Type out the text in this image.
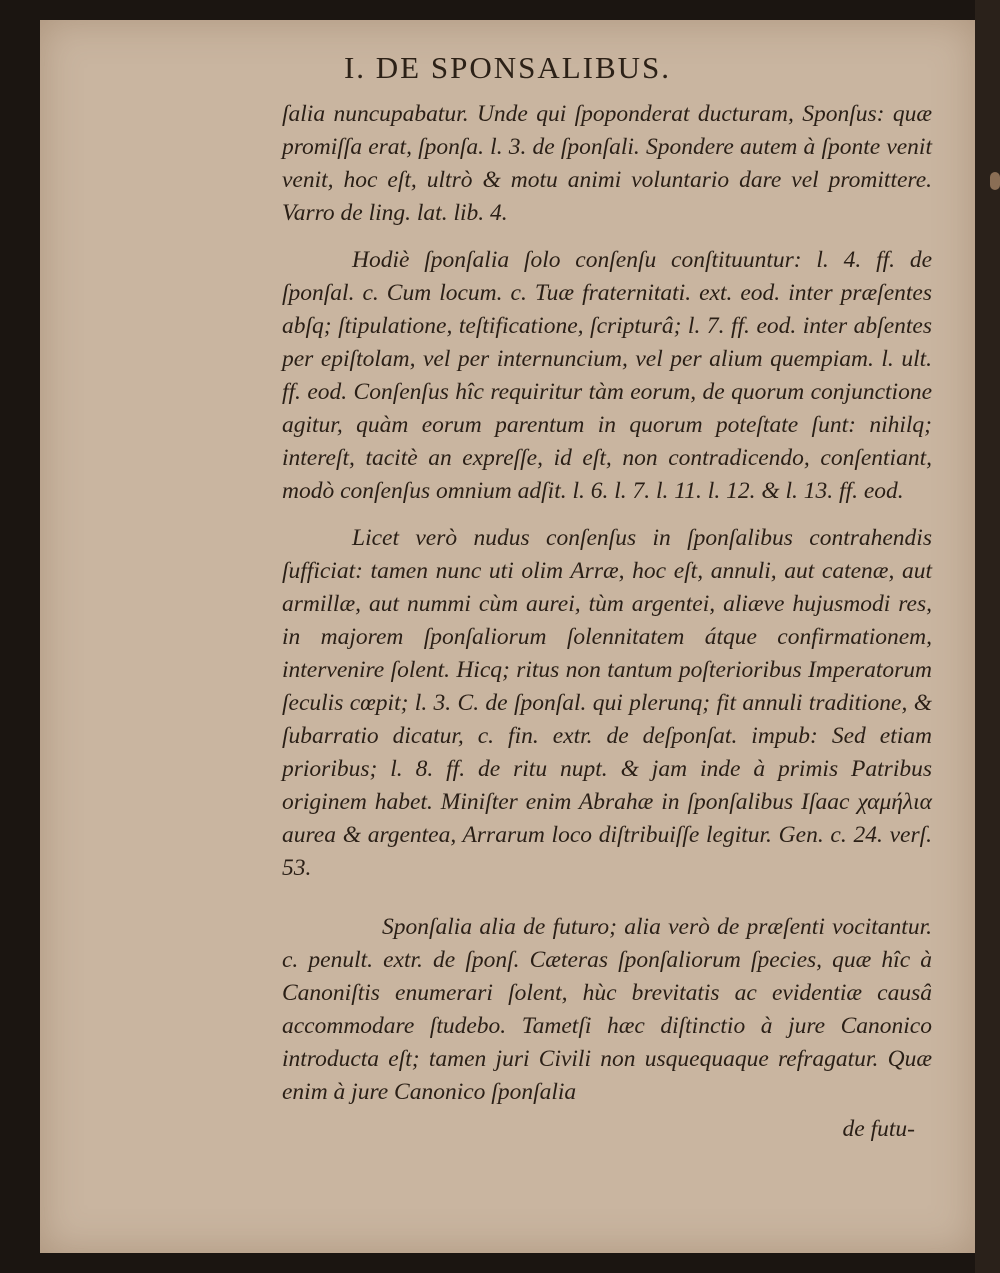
I. DE SPONSALIBUS.

ſalia nuncupabatur. Unde qui ſpoponderat ducturam, Sponſus: quæ promiſſa erat, ſponſa. l. 3. de ſponſali. Spondere autem à ſponte venit venit, hoc eſt, ultrò & motu animi voluntario dare vel promittere. Varro de ling. lat. lib. 4.

Hodiè ſponſalia ſolo conſenſu conſtituuntur: l. 4. ff. de ſponſal. c. Cum locum. c. Tuæ fraternitati. ext. eod. inter præſentes abſq; ſtipulatione, teſtificatione, ſcripturâ; l. 7. ff. eod. inter abſentes per epiſtolam, vel per internuncium, vel per alium quempiam. l. ult. ff. eod. Conſenſus hîc requiritur tàm eorum, de quorum conjunctione agitur, quàm eorum parentum in quorum poteſtate ſunt: nihilq; intereſt, tacitè an expreſſe, id eſt, non contradicendo, conſentiant, modò conſenſus omnium adſit. l. 6. l. 7. l. 11. l. 12. & l. 13. ff. eod.

Licet verò nudus conſenſus in ſponſalibus contrahendis ſufficiat: tamen nunc uti olim Arræ, hoc eſt, annuli, aut catenæ, aut armillæ, aut nummi cùm aurei, tùm argentei, aliæve hujusmodi res, in majorem ſponſaliorum ſolennitatem átque confirmationem, intervenire ſolent. Hicq; ritus non tantum poſterioribus Imperatorum ſeculis cœpit; l. 3. C. de ſponſal. qui plerunq; fit annuli traditione, & ſubarratio dicatur, c. fin. extr. de deſponſat. impub: Sed etiam prioribus; l. 8. ff. de ritu nupt. & jam inde à primis Patribus originem habet. Miniſter enim Abrahæ in ſponſalibus Iſaac χαμήλια aurea & argentea, Arrarum loco diſtribuiſſe legitur. Gen. c. 24. verſ. 53.

Sponſalia alia de futuro; alia verò de præſenti vocitantur. c. penult. extr. de ſponſ. Cæteras ſponſaliorum ſpecies, quæ hîc à Canoniſtis enumerari ſolent, hùc brevitatis ac evidentiæ causâ accommodare ſtudebo. Tametſi hæc diſtinctio à jure Canonico introducta eſt; tamen juri Civili non usquequaque refragatur. Quæ enim à jure Canonico ſponſalia

de futu-
